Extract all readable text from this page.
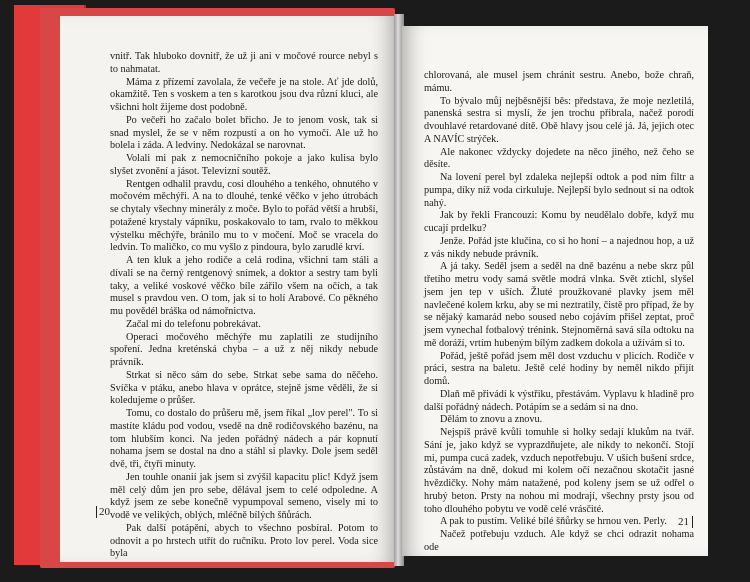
vnitř. Tak hluboko dovnitř, že už ji ani v močové rource nebyl s to nahmatat.

Máma z přízemí zavolala, že večeře je na stole. Ať jde dolů, okamžitě. Ten s voskem a ten s karotkou jsou dva různí kluci, ale všichni holt žijeme dost podobně.

Po večeři ho začalo bolet břicho. Je to jenom vosk, tak si snad myslel, že se v něm rozpustí a on ho vymočí. Ale už ho bolela i záda. A ledviny. Nedokázal se narovnat.

Volali mi pak z nemocničního pokoje a jako kulisa bylo slyšet zvonění a jásot. Televizní soutěž.

Rentgen odhalil pravdu, cosi dlouhého a tenkého, ohnutého v močovém měchýři. A na to dlouhé, tenké věčko v jeho útrobách se chytaly všechny minerály z moče. Bylo to pořád větší a hrubší, potažené krystaly vápníku, poskakovalo to tam, rvalo to měkkou výstelku měchýře, bránilo mu to v močení. Moč se vracela do ledvin. To maličko, co mu vyšlo z pindoura, bylo zarudlé krví.

A ten kluk a jeho rodiče a celá rodina, všichni tam stáli a dívali se na černý rentgenový snímek, a doktor a sestry tam byli taky, a veliké voskové věčko bíle zářilo všem na očích, a tak musel s pravdou ven. O tom, jak si to holí Arabové. Co pěkného mu povědél bráška od námořnictva.

Začal mi do telefonu pobrekávat.

Operaci močového měchýře mu zaplatili ze studijního spoření. Jedna kreténská chyba – a už z něj nikdy nebude právník.

Strkat si něco sám do sebe. Strkat sebe sama do něčeho. Svíčka v ptáku, anebo hlava v oprátce, stejně jsme věděli, že si koledujeme o průšer.

Tomu, co dostalo do průšeru mě, jsem říkal „lov perel". To si mastíte kládu pod vodou, vsedě na dně rodičovského bazénu, na tom hlubším konci. Na jeden pořádný nádech a pár kopnutí nohama jsem se dostal na dno a stáhl si plavky. Dole jsem seděl dvě, tři, čtyři minuty.

Jen touhle onanií jak jsem si zvýšil kapacitu plic! Když jsem měl celý dům jen pro sebe, dělával jsem to celé odpoledne. A když jsem ze sebe konečně vypumpoval semeno, visely mi to vodě ve velikých, oblých, mléčně bílých šňůrách.

Pak další potápění, abych to všechno posbíral. Potom to odnovit a po hrstech utřít do ručníku. Proto lov perel. Voda sice byla

20

chlorovaná, ale musel jsem chránit sestru. Anebo, bože chraň, mámu.

To bývalo můj nejběsnější běs: představa, že moje nezletilá, panenská sestra si myslí, že jen trochu přibrala, načež porodí dvouhlavé retardované dítě. Obě hlavy jsou celé já. Já, jejich otec A NAVÍC strýček.

Ale nakonec vždycky dojedete na něco jiného, než čeho se děsíte.

Na lovení perel byl zdaleka nejlepší odtok a pod ním filtr a pumpa, díky níž voda cirkuluje. Nejlepší bylo sednout si na odtok nahý.

Jak by řekli Francouzi: Komu by neudělalo dobře, když mu cucají prdelku?

Jenže. Pořád jste klučina, co si ho honí – a najednou hop, a už z vás nikdy nebude právník.

A já taky. Seděl jsem a seděl na dně bazénu a nebe skrz půl třetího metru vody samá světle modrá vlnka. Svět ztichl, slyšel jsem jen tep v uších. Žluté proužkované plavky jsem měl navlečené kolem krku, aby se mi neztratily, čistě pro případ, že by se nějaký kamarád nebo soused nebo cojávím přišel zeptat, proč jsem vynechal fotbalový trénink. Stejnoměrná savá síla odtoku na mě doráží, vrtím hubeným bílým zadkem dokola a užívám si to.

Pořád, ještě pořád jsem měl dost vzduchu v plicích. Rodiče v práci, sestra na baletu. Ještě celé hodiny by neměl nikdo přijít domů.

Dlaň mě přivádí k výstřiku, přestávám. Vyplavu k hladině pro další pořádný nádech. Potápím se a sedám si na dno.

Dělám to znovu a znovu.

Nejspíš právě kvůli tomuhle si holky sedají klukům na tvář. Sání je, jako když se vyprazdňujete, ale nikdy to nekončí. Stojí mi, pumpa cucá zadek, vzduch nepotřebuju. V uších bušení srdce, zůstávám na dně, dokud mi kolem očí nezačnou skotačit jasné hvězdičky. Nohy mám natažené, pod koleny jsem se už odřel o hrubý beton. Prsty na nohou mi modrají, všechny prsty jsou od toho dlouhého pobytu ve vodě celé vrásčité.

A pak to pustím. Veliké bílé šňůrky se hrnou ven. Perly.

Načež potřebuju vzduch. Ale když se chci odrazit nohama ode

21
